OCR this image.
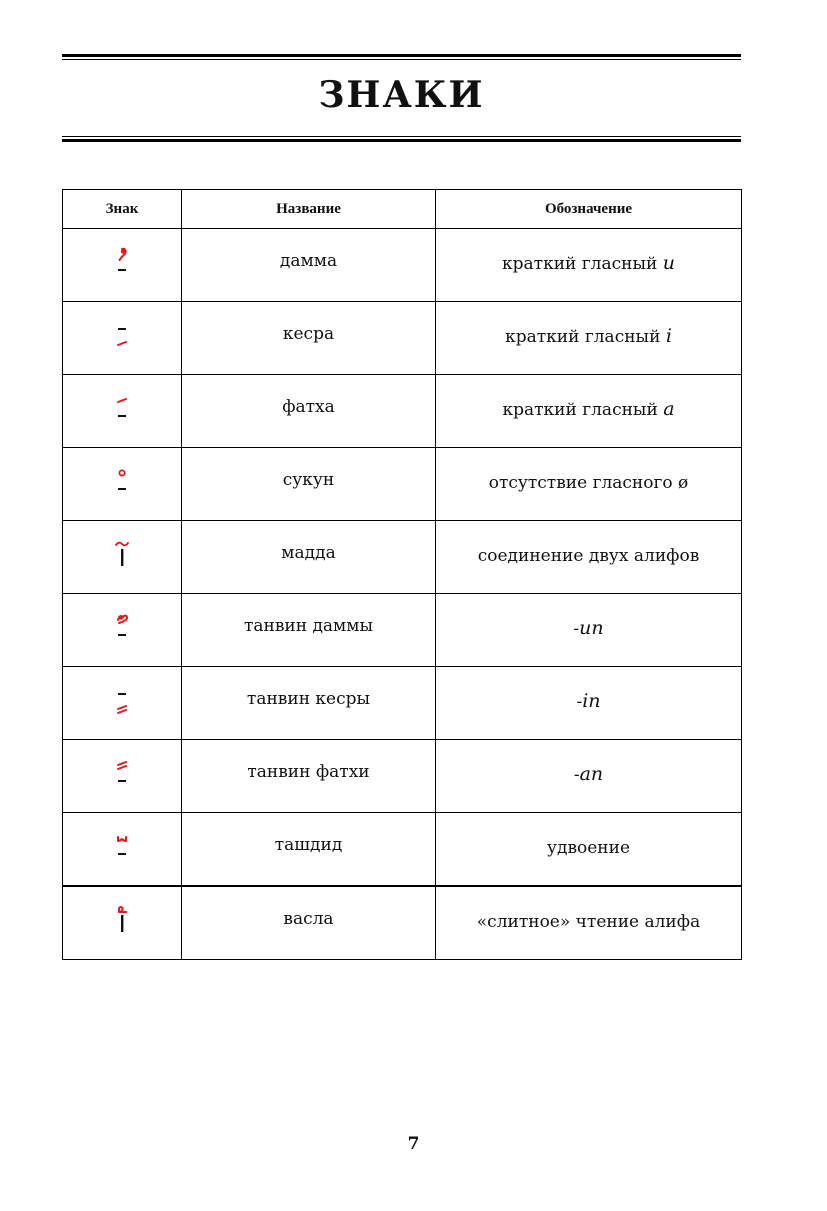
ЗНАКИ
Знак	Название	Обозначение

	дамма	краткий гласный u

	кесра	краткий гласный i

	фатха	краткий гласный a

	сукун	отсутствие гласного ø

	мадда	соединение двух алифов

	танвин даммы	-un

	танвин кесры	-in

	танвин фатхи	-an

	ташдид	удвоение

	васла	«слитное» чтение алифа
7
